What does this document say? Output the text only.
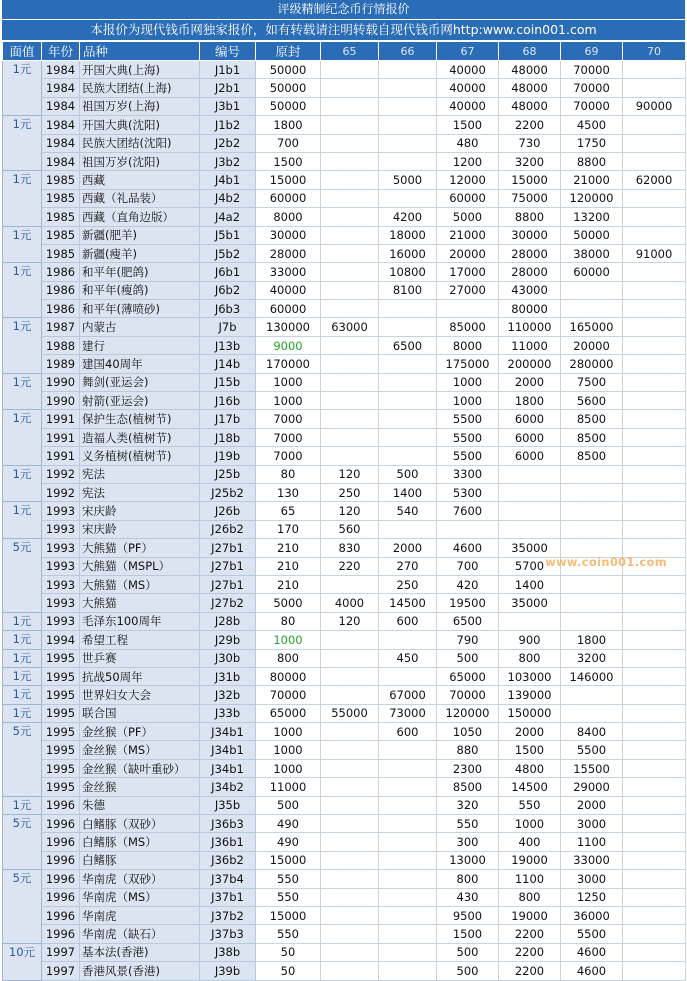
评级精制纪念币行情报价
本报价为现代钱币网独家报价，如有转载请注明转载自现代钱币网http:www.coin001.com
面值	年份	品种	编号	原封	65	66	67	68	69	70
1元	1984	开国大典(上海)	J1b1	50000			40000	48000	70000	
	1984	民族大团结(上海)	J2b1	50000			40000	48000	70000	
	1984	祖国万岁(上海)	J3b1	50000			40000	48000	70000	90000
1元	1984	开国大典(沈阳)	J1b2	1800			1500	2200	4500	
	1984	民族大团结(沈阳)	J2b2	700			480	730	1750	
	1984	祖国万岁(沈阳)	J3b2	1500			1200	3200	8800	
1元	1985	西藏	J4b1	15000		5000	12000	15000	21000	62000
	1985	西藏（礼品装）	J4b2	60000			60000	75000	120000	
	1985	西藏（直角边版）	J4a2	8000		4200	5000	8800	13200	
1元	1985	新疆(肥羊)	J5b1	30000		18000	21000	30000	50000	
	1985	新疆(瘦羊)	J5b2	28000		16000	20000	28000	38000	91000
1元	1986	和平年(肥鸽)	J6b1	33000		10800	17000	28000	60000	
	1986	和平年(瘦鸽)	J6b2	40000		8100	27000	43000		
	1986	和平年(薄喷砂)	J6b3	60000				80000		
1元	1987	内蒙古	J7b	130000	63000		85000	110000	165000	
	1988	建行	J13b	9000		6500	8000	11000	20000	
	1989	建国40周年	J14b	170000			175000	200000	280000	
1元	1990	舞剑(亚运会)	J15b	1000			1000	2000	7500	
	1990	射箭(亚运会)	J16b	1000			1000	1800	5600	
1元	1991	保护生态(植树节)	J17b	7000			5500	6000	8500	
	1991	造福人类(植树节)	J18b	7000			5500	6000	8500	
	1991	义务植树(植树节)	J19b	7000			5500	6000	8500	
1元	1992	宪法	J25b	80	120	500	3300			
	1992	宪法	J25b2	130	250	1400	5300			
1元	1993	宋庆龄	J26b	65	120	540	7600			
	1993	宋庆龄	J26b2	170	560					
5元	1993	大熊猫（PF）	J27b1	210	830	2000	4600	35000		
	1993	大熊猫（MSPL）	J27b1	210	220	270	700	5700		
	1993	大熊猫（MS）	J27b1	210		250	420	1400		
	1993	大熊猫	J27b2	5000	4000	14500	19500	35000		
1元	1993	毛泽东100周年	J28b	80	120	600	6500			
1元	1994	希望工程	J29b	1000			790	900	1800	
1元	1995	世乒赛	J30b	800		450	500	800	3200	
1元	1995	抗战50周年	J31b	80000			65000	103000	146000	
1元	1995	世界妇女大会	J32b	70000		67000	70000	139000		
1元	1995	联合国	J33b	65000	55000	73000	120000	150000		
5元	1995	金丝猴（PF）	J34b1	1000		600	1050	2000	8400	
	1995	金丝猴（MS）	J34b1	1000			880	1500	5500	
	1995	金丝猴（缺叶重砂）	J34b1	1000			2300	4800	15500	
	1995	金丝猴	J34b2	11000			8500	14500	29000	
1元	1996	朱德	J35b	500			320	550	2000	
5元	1996	白鳍豚（双砂）	J36b3	490			550	1000	3000	
	1996	白鳍豚（MS）	J36b1	490			300	400	1100	
	1996	白鳍豚	J36b2	15000			13000	19000	33000	
5元	1996	华南虎（双砂）	J37b4	550			800	1100	3000	
	1996	华南虎（MS）	J37b1	550			430	800	1250	
	1996	华南虎	J37b2	15000			9500	19000	36000	
	1996	华南虎（缺石）	J37b3	550			1500	2200	5500	
10元	1997	基本法(香港)	J38b	50			500	2200	4600	
	1997	香港风景(香港)	J39b	50			500	2200	4600	
www.coin001.com
